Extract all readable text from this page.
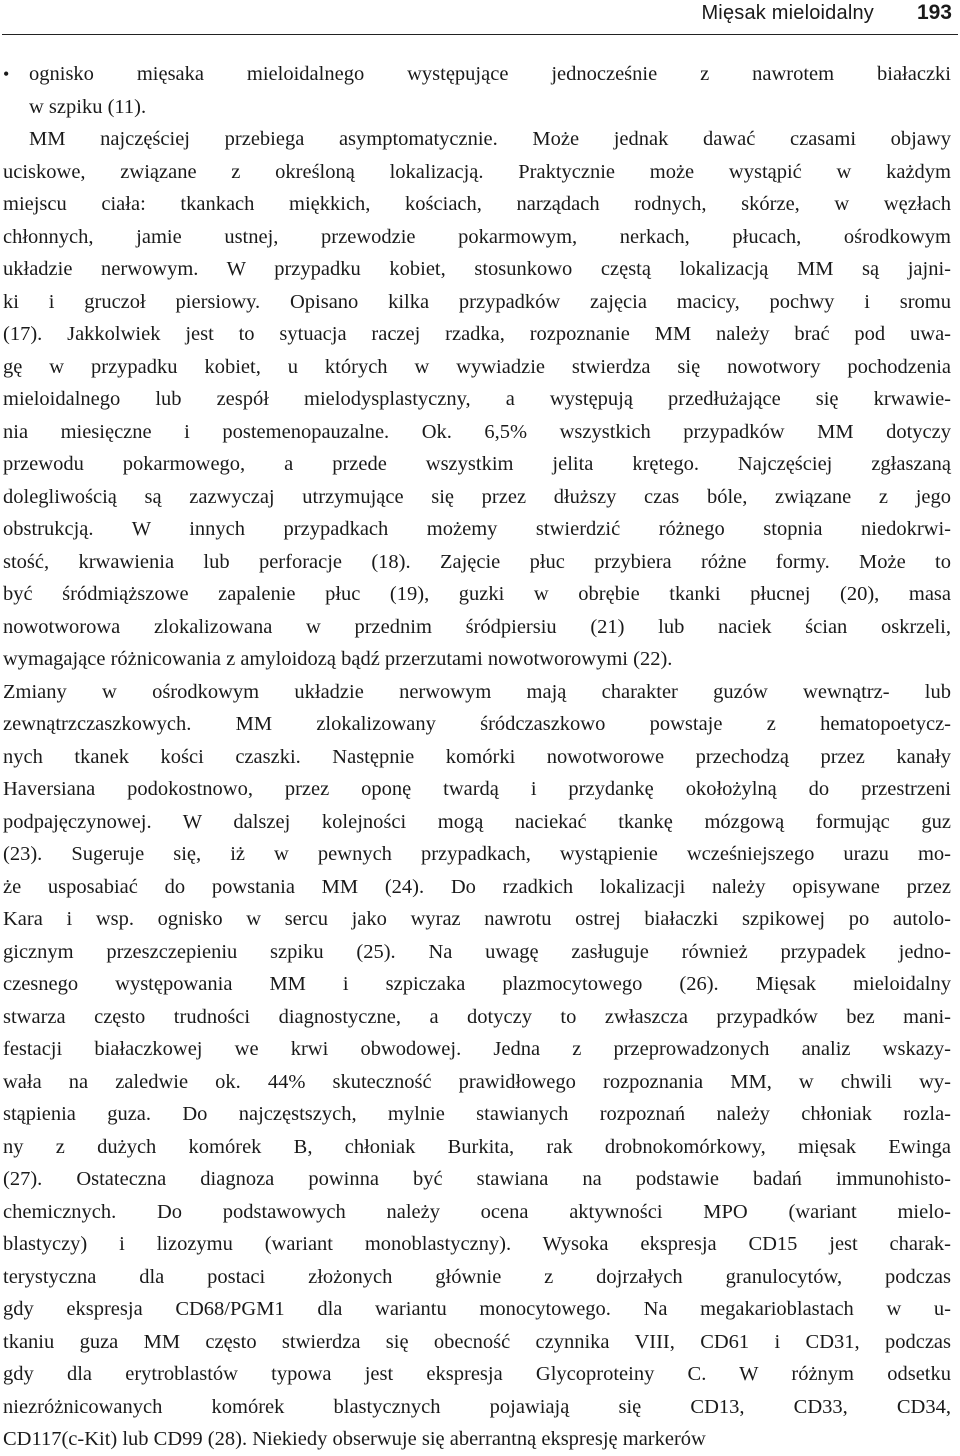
Mięsak mieloidalny 193
• ognisko mięsaka mieloidalnego występujące jednocześnie z nawrotem białaczki
w szpiku (11).
MM najczęściej przebiega asymptomatycznie. Może jednak dawać czasami objawy
uciskowe, związane z określoną lokalizacją. Praktycznie może wystąpić w każdym
miejscu ciała: tkankach miękkich, kościach, narządach rodnych, skórze, w węzłach
chłonnych, jamie ustnej, przewodzie pokarmowym, nerkach, płucach, ośrodkowym
układzie nerwowym. W przypadku kobiet, stosunkowo częstą lokalizacją MM są jajni-
ki i gruczoł piersiowy. Opisano kilka przypadków zajęcia macicy, pochwy i sromu
(17). Jakkolwiek jest to sytuacja raczej rzadka, rozpoznanie MM należy brać pod uwa-
gę w przypadku kobiet, u których w wywiadzie stwierdza się nowotwory pochodzenia
mieloidalnego lub zespół mielodysplastyczny, a występują przedłużające się krwawie-
nia miesięczne i postemenopauzalne. Ok. 6,5% wszystkich przypadków MM dotyczy
przewodu pokarmowego, a przede wszystkim jelita krętego. Najczęściej zgłaszaną
dolegliwością są zazwyczaj utrzymujące się przez dłuższy czas bóle, związane z jego
obstrukcją. W innych przypadkach możemy stwierdzić różnego stopnia niedokrwi-
stość, krwawienia lub perforacje (18). Zajęcie płuc przybiera różne formy. Może to
być śródmiąższowe zapalenie płuc (19), guzki w obrębie tkanki płucnej (20), masa
nowotworowa zlokalizowana w przednim śródpiersiu (21) lub naciek ścian oskrzeli,
wymagające różnicowania z amyloidozą bądź przerzutami nowotworowymi (22).
Zmiany w ośrodkowym układzie nerwowym mają charakter guzów wewnątrz- lub
zewnątrzczaszkowych. MM zlokalizowany śródczaszkowo powstaje z hematopoetycz-
nych tkanek kości czaszki. Następnie komórki nowotworowe przechodzą przez kanały
Haversiana podokostnowo, przez oponę twardą i przydankę okołożylną do przestrzeni
podpajęczynowej. W dalszej kolejności mogą naciekać tkankę mózgową formując guz
(23). Sugeruje się, iż w pewnych przypadkach, wystąpienie wcześniejszego urazu mo-
że usposabiać do powstania MM (24). Do rzadkich lokalizacji należy opisywane przez
Kara i wsp. ognisko w sercu jako wyraz nawrotu ostrej białaczki szpikowej po autolo-
gicznym przeszczepieniu szpiku (25). Na uwagę zasługuje również przypadek jedno-
czesnego występowania MM i szpiczaka plazmocytowego (26). Mięsak mieloidalny
stwarza często trudności diagnostyczne, a dotyczy to zwłaszcza przypadków bez mani-
festacji białaczkowej we krwi obwodowej. Jedna z przeprowadzonych analiz wskazy-
wała na zaledwie ok. 44% skuteczność prawidłowego rozpoznania MM, w chwili wy-
stąpienia guza. Do najczęstszych, mylnie stawianych rozpoznań należy chłoniak rozla-
ny z dużych komórek B, chłoniak Burkita, rak drobnokomórkowy, mięsak Ewinga
(27). Ostateczna diagnoza powinna być stawiana na podstawie badań immunohisto-
chemicznych. Do podstawowych należy ocena aktywności MPO (wariant mielo-
blastyczy) i lizozymu (wariant monoblastyczny). Wysoka ekspresja CD15 jest charak-
terystyczna dla postaci złożonych głównie z dojrzałych granulocytów, podczas
gdy ekspresja CD68/PGM1 dla wariantu monocytowego. Na megakarioblastach w u-
tkaniu guza MM często stwierdza się obecność czynnika VIII, CD61 i CD31, podczas
gdy dla erytroblastów typowa jest ekspresja Glycoproteiny C. W różnym odsetku
niezróżnicowanych komórek blastycznych pojawiają się CD13, CD33, CD34,
CD117(c-Kit) lub CD99 (28). Niekiedy obserwuje się aberrantną ekspresję markerów
